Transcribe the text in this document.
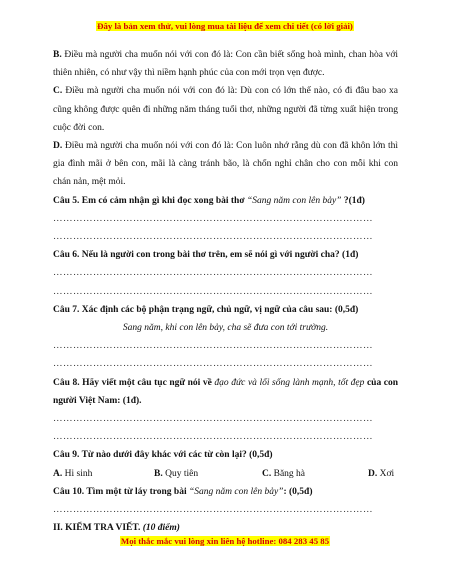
Đây là bản xem thử, vui lòng mua tài liệu để xem chi tiết (có lời giải)

B. Điều mà người cha muốn nói với con đó là: Con cần biết sống hoà mình, chan hòa với thiên nhiên, có như vậy thì niềm hạnh phúc của con mới trọn vẹn được.

C. Điều mà người cha muốn nói với con đó là: Dù con có lớn thế nào, có đi đâu bao xa cũng không được quên đi những năm tháng tuổi thơ, những người đã từng xuất hiện trong cuộc đời con.

D. Điều mà người cha muốn nói với con đó là: Con luôn nhớ rằng dù con đã khôn lớn thì gia đình mãi ở bên con, mãi là càng tránh bão, là chốn nghỉ chân cho con mỗi khi con chán nản, mệt mỏi.

Câu 5. Em có cảm nhận gì khi đọc xong bài thơ “Sang năm con lên bảy” ?(1đ)

……………………………………………………………………………………
……………………………………………………………………………………

Câu 6. Nếu là người con trong bài thơ trên, em sẽ nói gì với người cha? (1đ)

……………………………………………………………………………………
……………………………………………………………………………………

Câu 7. Xác định các bộ phận trạng ngữ, chủ ngữ, vị ngữ của câu sau: (0,5đ)

Sang năm, khi con lên bảy, cha sẽ đưa con tới trường.

……………………………………………………………………………………
……………………………………………………………………………………

Câu 8. Hãy viết một câu tục ngữ nói về đạo đức và lối sống lành mạnh, tốt đẹp của con người Việt Nam: (1đ).

……………………………………………………………………………………
……………………………………………………………………………………

Câu 9. Từ nào dưới đây khác với các từ còn lại? (0,5đ)

A. Hi sinh	B. Quy tiên	C. Băng hà	D. Xơi

Câu 10. Tìm một từ láy trong bài “Sang năm con lên bảy”: (0,5đ)

……………………………………………………………………………………

II. KIỂM TRA VIẾT. (10 điểm)

Mọi thắc mắc vui lòng xin liên hệ hotline: 084 283 45 85
